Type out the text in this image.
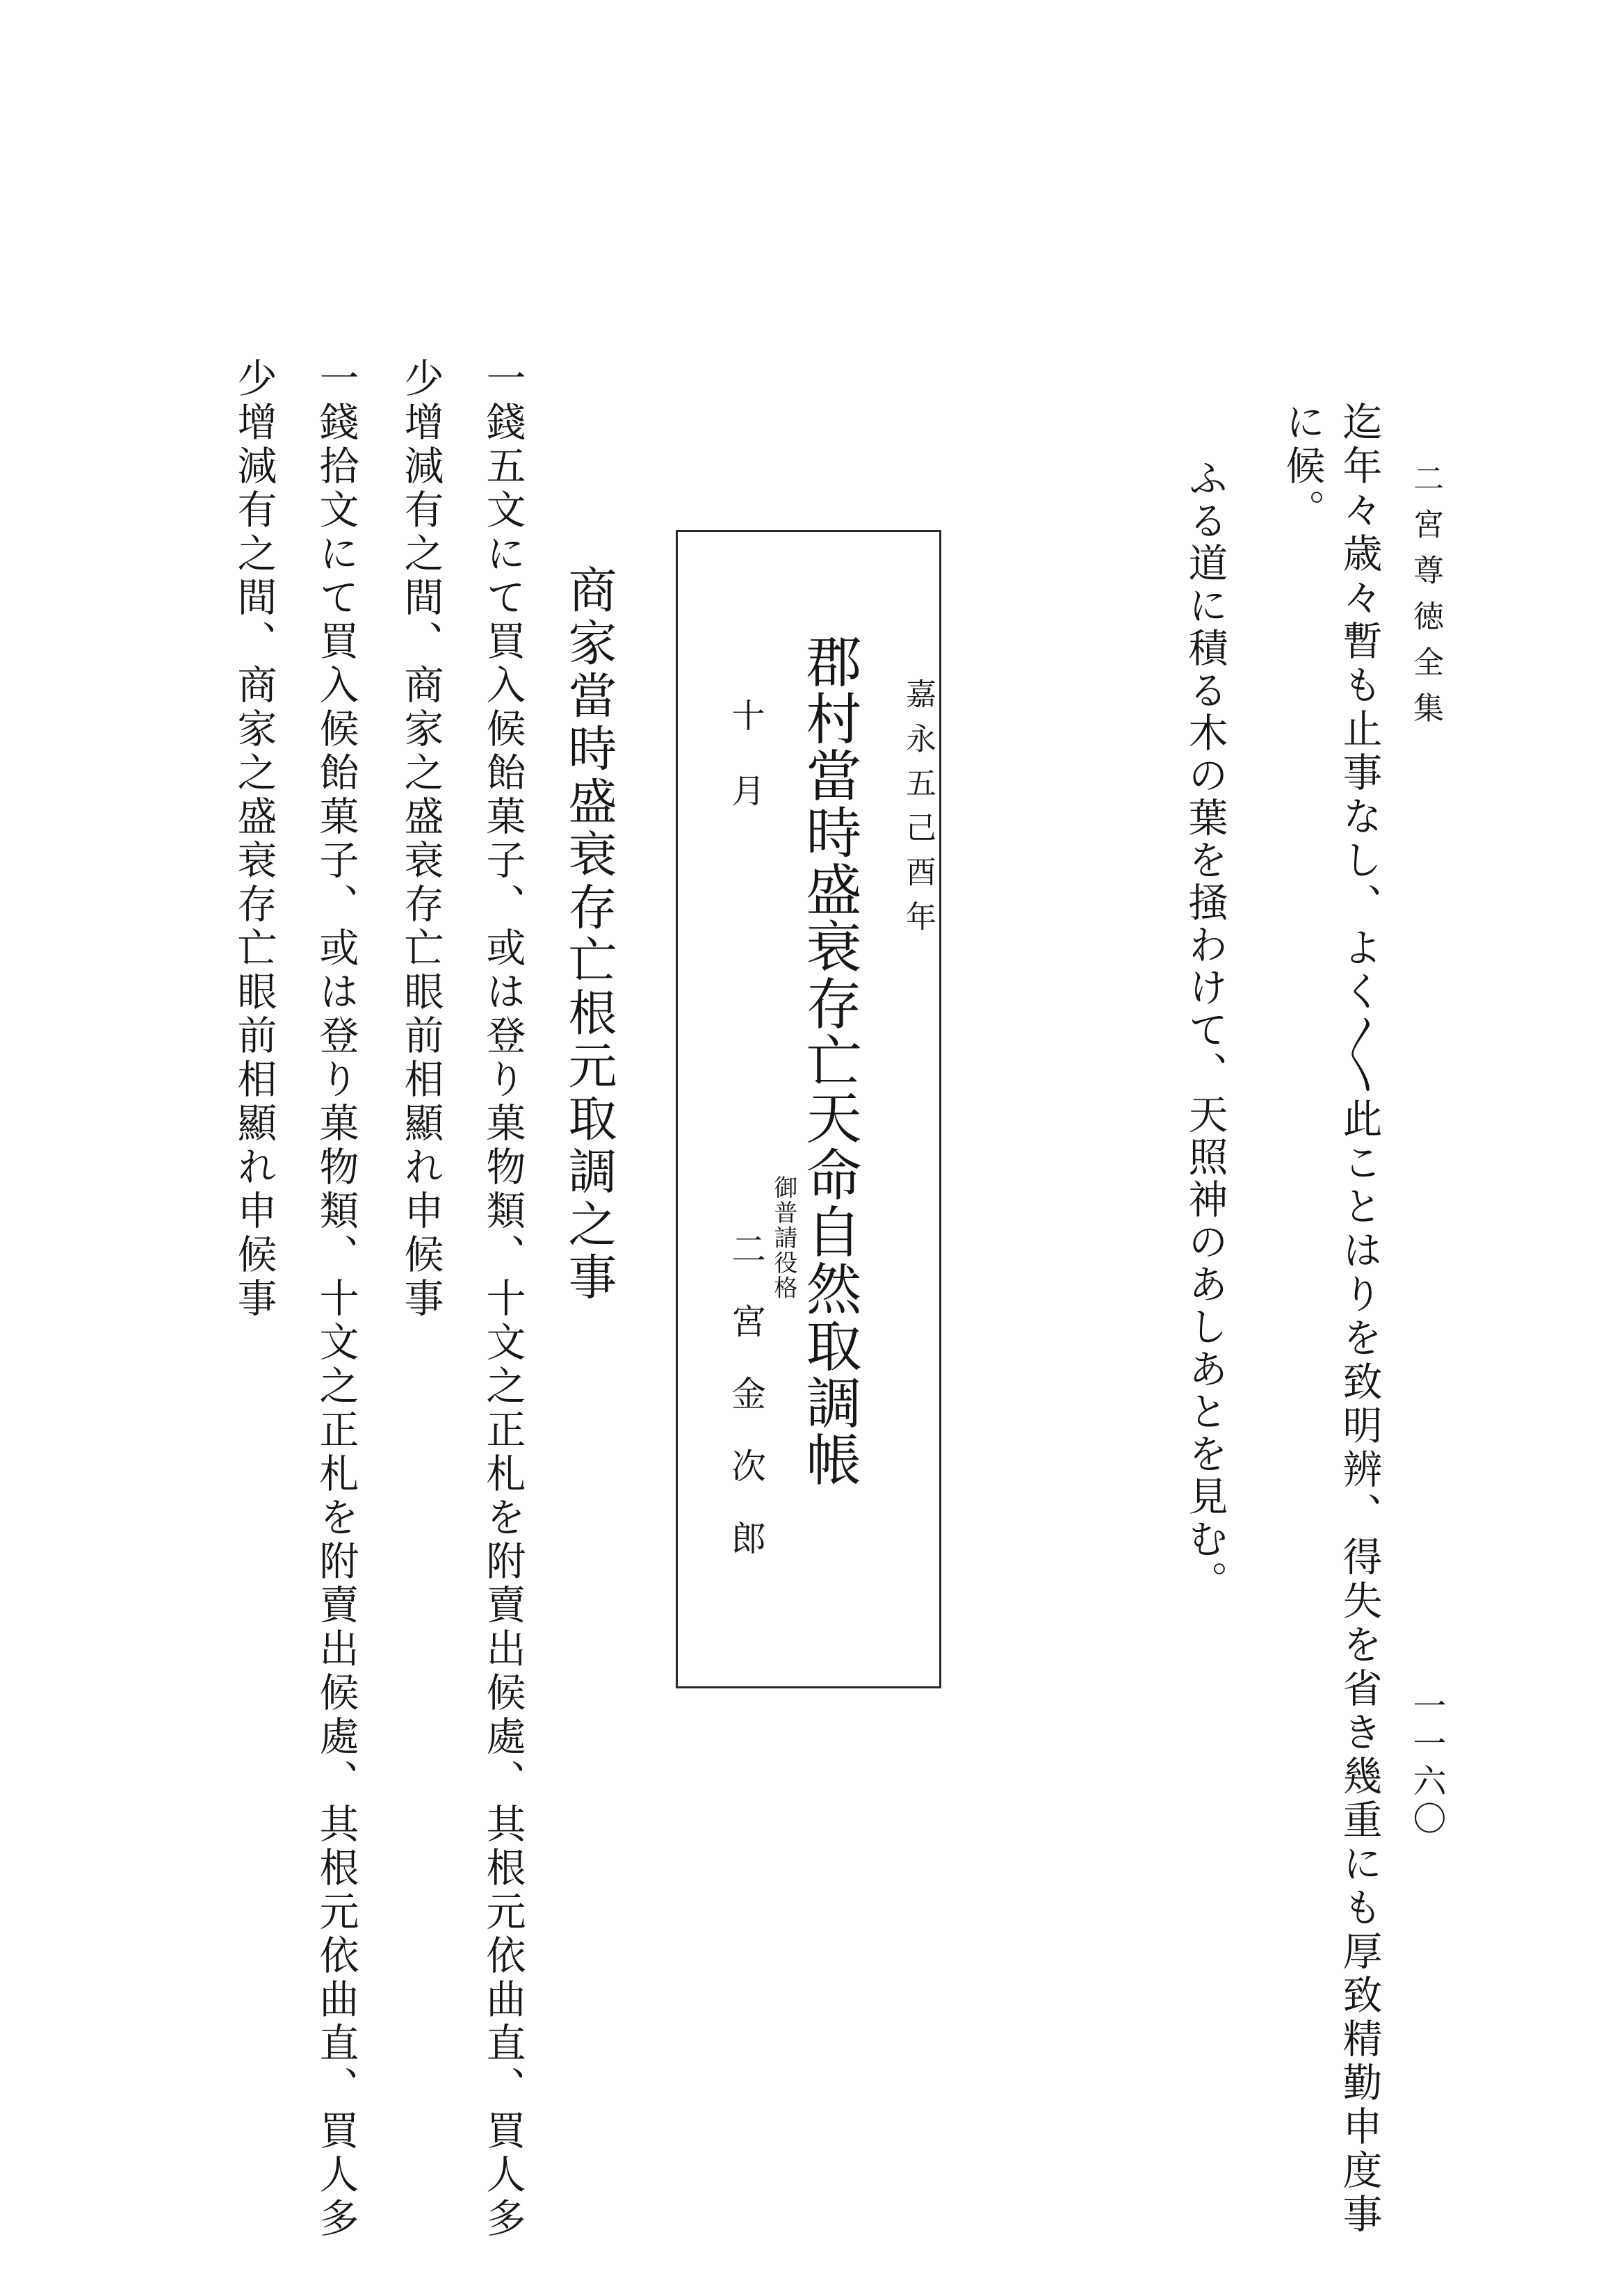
二宮尊徳全集
一一六〇
迄年々歳々暫も止事なし、よく〳〵此ことはりを致明辨、得失を省き幾重にも厚致精勤申度事
に候。
ふる道に積る木の葉を掻わけて、天照神のあしあとを見む。
嘉永五己酉年
郡村當時盛衰存亡天命自然取調帳
十月
御普請役格
二宮金次郎
商家當時盛衰存亡根元取調之事
一錢五文にて買入候飴菓子、或は登り菓物類、十文之正札を附賣出候處、其根元依曲直、買人多
少增減有之間、商家之盛衰存亡眼前相顯れ申候事
一錢拾文にて買入候飴菓子、或は登り菓物類、十文之正札を附賣出候處、其根元依曲直、買人多
少增減有之間、商家之盛衰存亡眼前相顯れ申候事
